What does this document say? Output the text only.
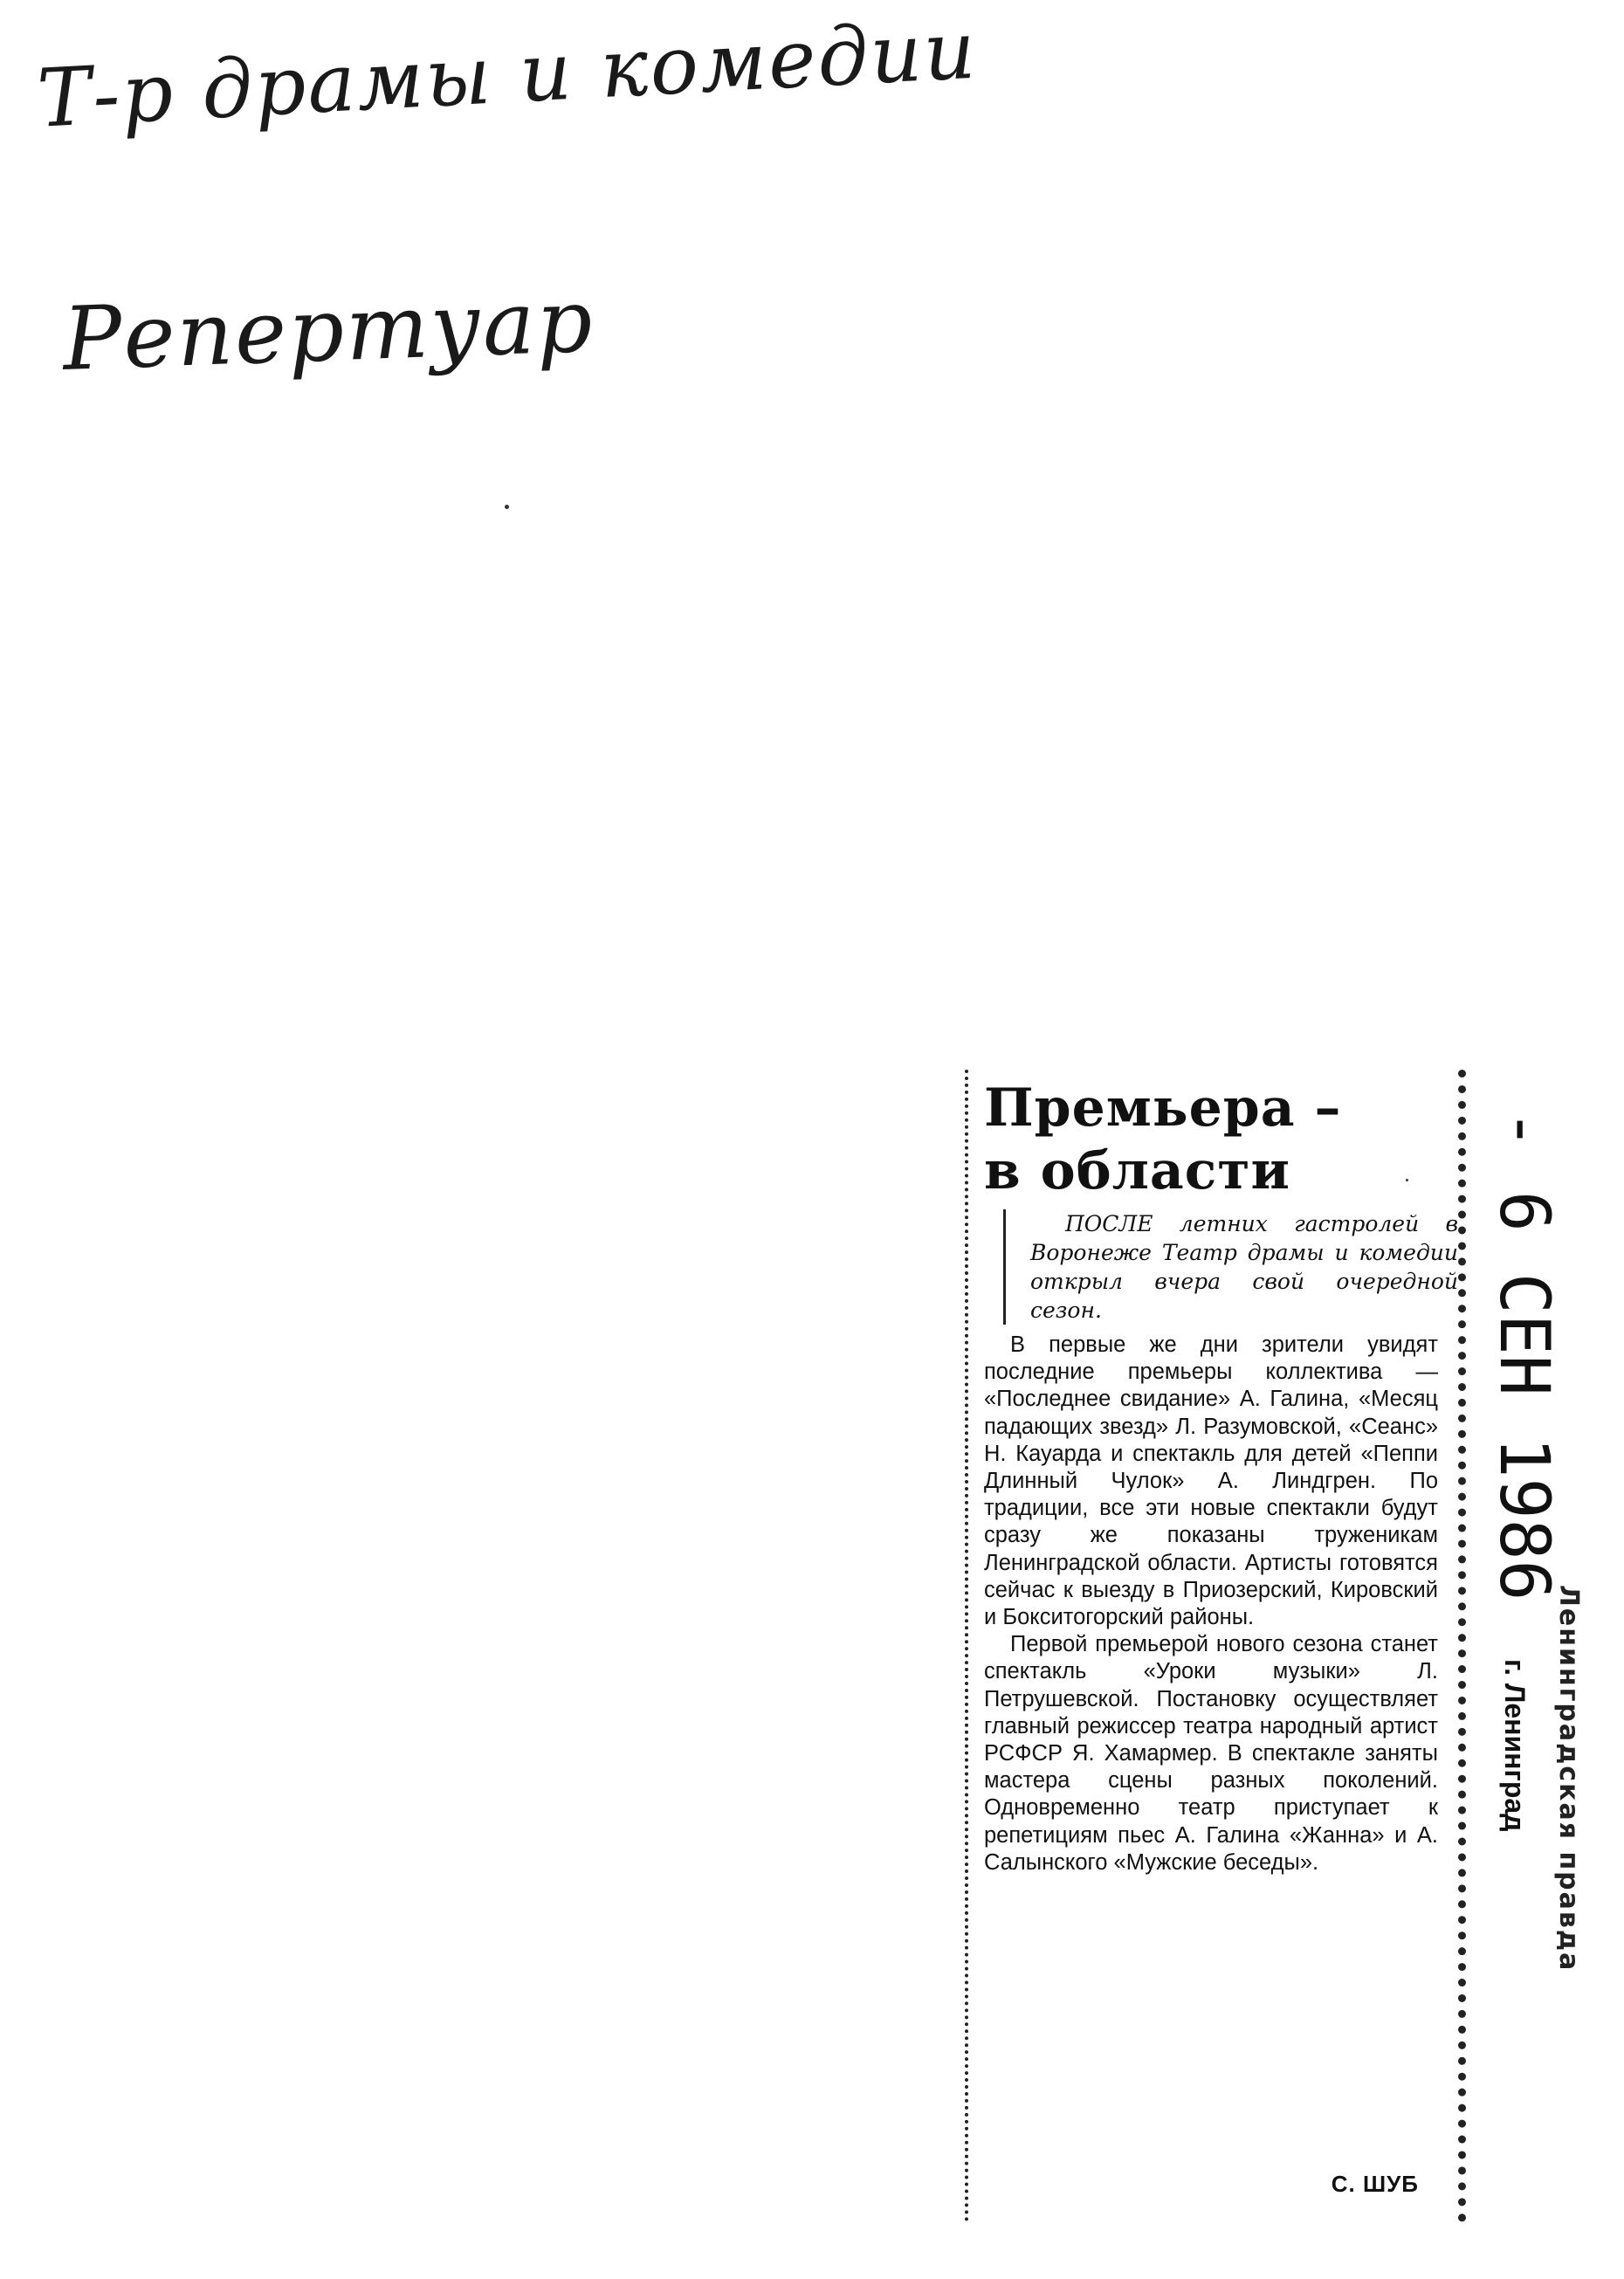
Т-р драмы и комедии
Репертуар
Премьера –
в области
ПОСЛЕ летних гастролей в Воронеже Театр драмы и комедии открыл вчера свой очередной сезон.

В первые же дни зрители увидят последние премьеры коллектива — «Последнее свидание» А. Галина, «Месяц падающих звезд» Л. Разумовской, «Сеанс» Н. Кауарда и спектакль для детей «Пеппи Длинный Чулок» А. Линдгрен. По традиции, все эти новые спектакли будут сразу же показаны труженикам Ленинградской области. Артисты готовятся сейчас к выезду в Приозерский, Кировский и Бокситогорский районы.

Первой премьерой нового сезона станет спектакль «Уроки музыки» Л. Петрушевской. Постановку осуществляет главный режиссер театра народный артист РСФСР Я. Хамармер. В спектакле заняты мастера сцены разных поколений. Одновременно театр приступает к репетициям пьес А. Галина «Жанна» и А. Салынского «Мужские беседы».

С. ШУБ
- 6 СЕН 1986
г. Ленинград Ленинградская правда
